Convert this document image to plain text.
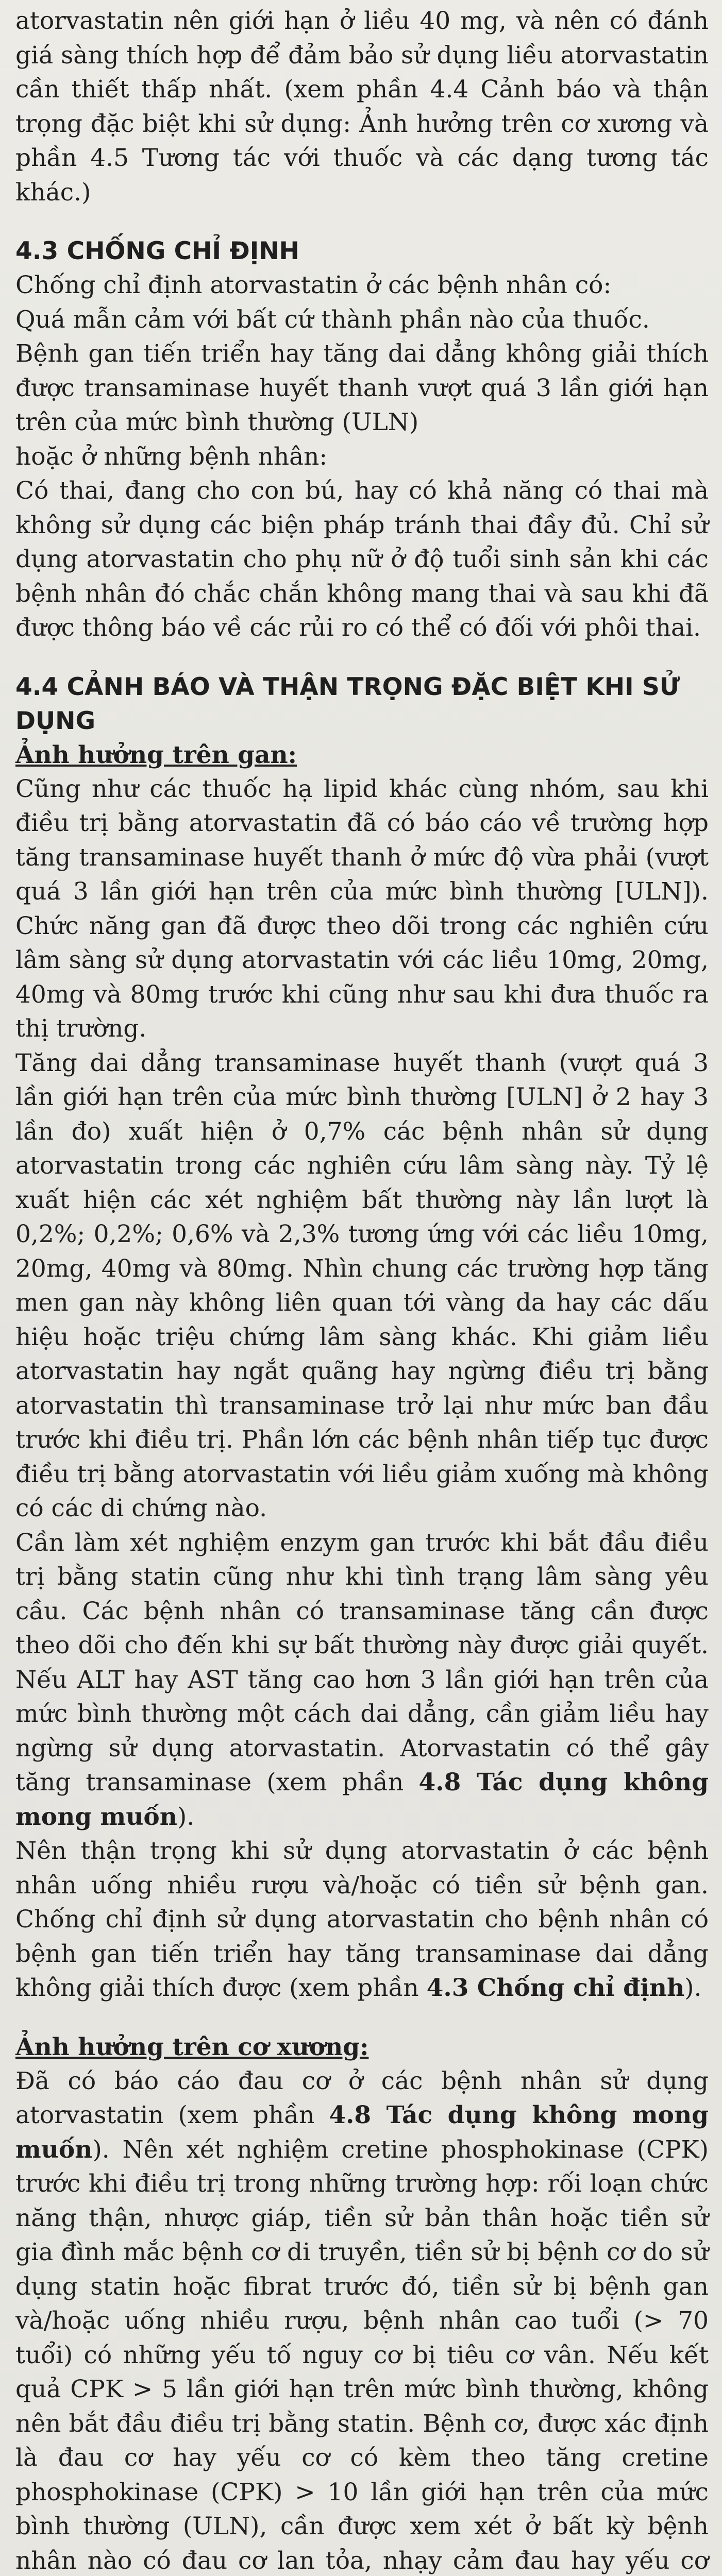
atorvastatin nên giới hạn ở liều 40 mg, và nên có đánh giá sàng thích hợp để đảm bảo sử dụng liều atorvastatin cần thiết thấp nhất. (xem phần 4.4 Cảnh báo và thận trọng đặc biệt khi sử dụng: Ảnh hưởng trên cơ xương và phần 4.5 Tương tác với thuốc và các dạng tương tác khác.)

4.3 CHỐNG CHỈ ĐỊNH

Chống chỉ định atorvastatin ở các bệnh nhân có:

Quá mẫn cảm với bất cứ thành phần nào của thuốc.

Bệnh gan tiến triển hay tăng dai dẳng không giải thích được transaminase huyết thanh vượt quá 3 lần giới hạn trên của mức bình thường (ULN)

hoặc ở những bệnh nhân:

Có thai, đang cho con bú, hay có khả năng có thai mà không sử dụng các biện pháp tránh thai đầy đủ. Chỉ sử dụng atorvastatin cho phụ nữ ở độ tuổi sinh sản khi các bệnh nhân đó chắc chắn không mang thai và sau khi đã được thông báo về các rủi ro có thể có đối với phôi thai.

4.4 CẢNH BÁO VÀ THẬN TRỌNG ĐẶC BIỆT KHI SỬ DỤNG
Ảnh hưởng trên gan:

Cũng như các thuốc hạ lipid khác cùng nhóm, sau khi điều trị bằng atorvastatin đã có báo cáo về trường hợp tăng transaminase huyết thanh ở mức độ vừa phải (vượt quá 3 lần giới hạn trên của mức bình thường [ULN]). Chức năng gan đã được theo dõi trong các nghiên cứu lâm sàng sử dụng atorvastatin với các liều 10mg, 20mg, 40mg và 80mg trước khi cũng như sau khi đưa thuốc ra thị trường.

Tăng dai dẳng transaminase huyết thanh (vượt quá 3 lần giới hạn trên của mức bình thường [ULN] ở 2 hay 3 lần đo) xuất hiện ở 0,7% các bệnh nhân sử dụng atorvastatin trong các nghiên cứu lâm sàng này. Tỷ lệ xuất hiện các xét nghiệm bất thường này lần lượt là 0,2%; 0,2%; 0,6% và 2,3% tương ứng với các liều 10mg, 20mg, 40mg và 80mg. Nhìn chung các trường hợp tăng men gan này không liên quan tới vàng da hay các dấu hiệu hoặc triệu chứng lâm sàng khác. Khi giảm liều atorvastatin hay ngắt quãng hay ngừng điều trị bằng atorvastatin thì transaminase trở lại như mức ban đầu trước khi điều trị. Phần lớn các bệnh nhân tiếp tục được điều trị bằng atorvastatin với liều giảm xuống mà không có các di chứng nào.

Cần làm xét nghiệm enzym gan trước khi bắt đầu điều trị bằng statin cũng như khi tình trạng lâm sàng yêu cầu. Các bệnh nhân có transaminase tăng cần được theo dõi cho đến khi sự bất thường này được giải quyết. Nếu ALT hay AST tăng cao hơn 3 lần giới hạn trên của mức bình thường một cách dai dẳng, cần giảm liều hay ngừng sử dụng atorvastatin. Atorvastatin có thể gây tăng transaminase (xem phần 4.8 Tác dụng không mong muốn).

Nên thận trọng khi sử dụng atorvastatin ở các bệnh nhân uống nhiều rượu và/hoặc có tiền sử bệnh gan. Chống chỉ định sử dụng atorvastatin cho bệnh nhân có bệnh gan tiến triển hay tăng transaminase dai dẳng không giải thích được (xem phần 4.3 Chống chỉ định).

Ảnh hưởng trên cơ xương:

Đã có báo cáo đau cơ ở các bệnh nhân sử dụng atorvastatin (xem phần 4.8 Tác dụng không mong muốn). Nên xét nghiệm cretine phosphokinase (CPK) trước khi điều trị trong những trường hợp: rối loạn chức năng thận, nhược giáp, tiền sử bản thân hoặc tiền sử gia đình mắc bệnh cơ di truyền, tiền sử bị bệnh cơ do sử dụng statin hoặc fibrat trước đó, tiền sử bị bệnh gan và/hoặc uống nhiều rượu, bệnh nhân cao tuổi (> 70 tuổi) có những yếu tố nguy cơ bị tiêu cơ vân. Nếu kết quả CPK > 5 lần giới hạn trên mức bình thường, không nên bắt đầu điều trị bằng statin. Bệnh cơ, được xác định là đau cơ hay yếu cơ có kèm theo tăng cretine phosphokinase (CPK) > 10 lần giới hạn trên của mức bình thường (ULN), cần được xem xét ở bất kỳ bệnh nhân nào có đau cơ lan tỏa, nhạy cảm đau hay yếu cơ
